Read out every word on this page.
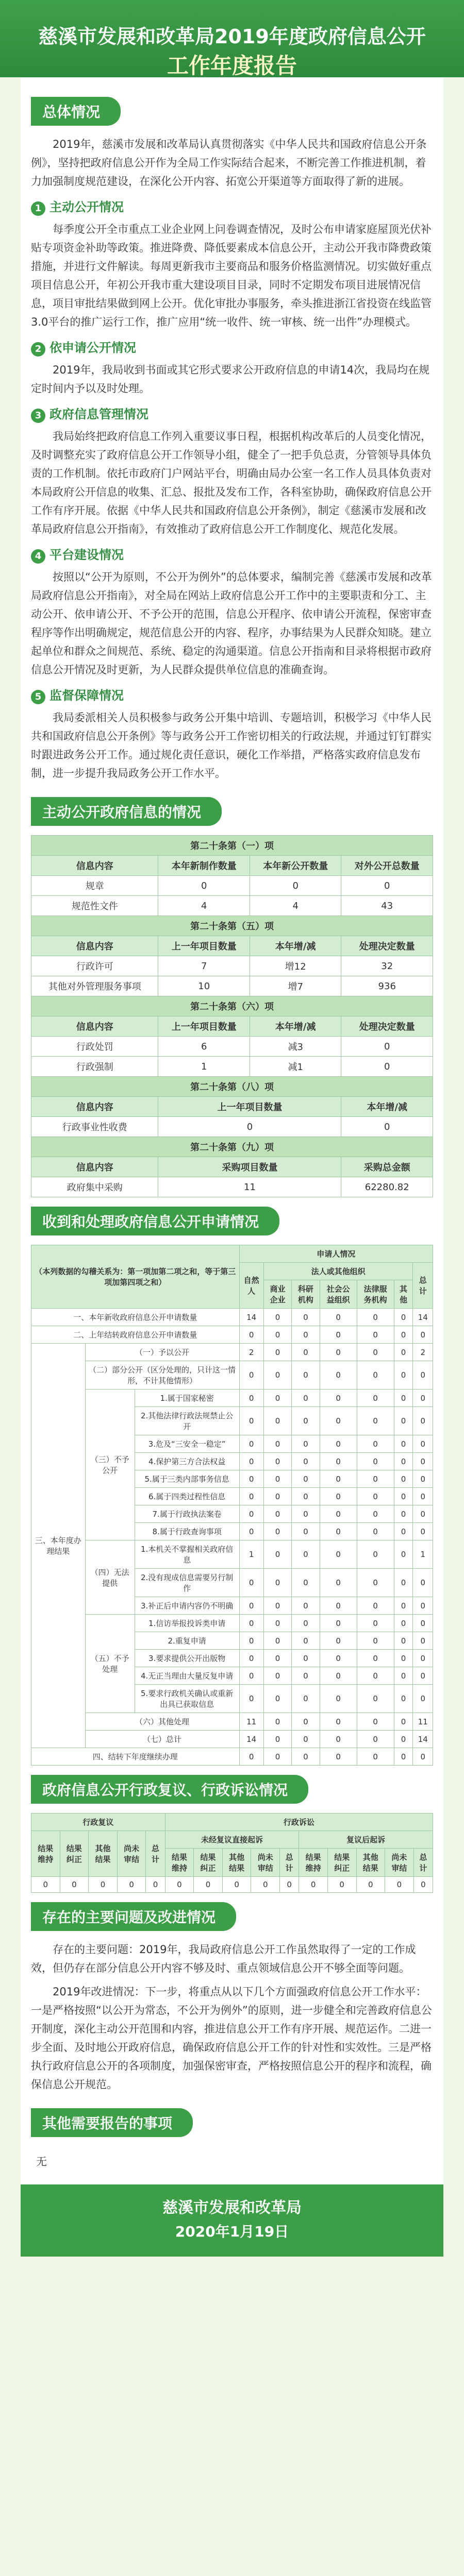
慈溪市发展和改革局2019年度政府信息公开
工作年度报告
总体情况

2019年，慈溪市发展和改革局认真贯彻落实《中华人民共和国政府信息公开条例》，坚持把政府信息公开作为全局工作实际结合起来，不断完善工作推进机制，着力加强制度规范建设，在深化公开内容、拓宽公开渠道等方面取得了新的进展。

1 主动公开情况

每季度公开全市重点工业企业网上问卷调查情况，及时公布申请家庭屋顶光伏补贴专项资金补助等政策。推进降费、降低要素成本信息公开，主动公开我市降费政策措施，并进行文件解读。每周更新我市主要商品和服务价格监测情况。切实做好重点项目信息公开，年初公开我市重大建设项目目录，同时不定期发布项目进展情况信息，项目审批结果做到网上公开。优化审批办事服务，牵头推进浙江省投资在线监管3.0平台的推广运行工作，推广应用“统一收件、统一审核、统一出件”办理模式。

2 依申请公开情况

2019年，我局收到书面或其它形式要求公开政府信息的申请14次，我局均在规定时间内予以及时处理。

3 政府信息管理情况

我局始终把政府信息工作列入重要议事日程，根据机构改革后的人员变化情况，及时调整充实了政府信息公开工作领导小组，健全了一把手负总责，分管领导具体负责的工作机制。依托市政府门户网站平台，明确由局办公室一名工作人员具体负责对本局政府公开信息的收集、汇总、报批及发布工作，各科室协助，确保政府信息公开工作有序开展。依据《中华人民共和国政府信息公开条例》，制定《慈溪市发展和改革局政府信息公开指南》，有效推动了政府信息公开工作制度化、规范化发展。

4 平台建设情况

按照以“公开为原则，不公开为例外”的总体要求，编制完善《慈溪市发展和改革局政府信息公开指南》，对全局在网站上政府信息公开工作中的主要职责和分工、主动公开、依申请公开、不予公开的范围，信息公开程序、依申请公开流程，保密审查程序等作出明确规定，规范信息公开的内容、程序，办事结果为人民群众知晓。建立起单位和群众之间规范、系统、稳定的沟通渠道。信息公开指南和目录将根据市政府信息公开情况及时更新，为人民群众提供单位信息的准确查询。

5 监督保障情况

我局委派相关人员积极参与政务公开集中培训、专题培训，积极学习《中华人民共和国政府信息公开条例》等与政务公开工作密切相关的行政法规，并通过钉钉群实时跟进政务公开工作。通过规化责任意识，硬化工作举措，严格落实政府信息发布制，进一步提升我局政务公开工作水平。

主动公开政府信息的情况
第二十条第（一）项			
信息内容	本年新制作数量	本年新公开数量	对外公开总数量
规章	0	0	0
规范性文件	4	4	43
第二十条第（五）项			
信息内容	上一年项目数量	本年增/减	处理决定数量
行政许可	7	增12	32
其他对外管理服务事项	10	增7	936
第二十条第（六）项			
信息内容	上一年项目数量	本年增/减	处理决定数量
行政处罚	6	减3	0
行政强制	1	减1	0
第二十条第（八）项			
信息内容	上一年项目数量		本年增/减
行政事业性收费	0		0
第二十条第（九）项			
信息内容	采购项目数量		采购总金额
政府集中采购	11		62280.82
收到和处理政府信息公开申请情况
（本列数据的勾稽关系为：第一项加第二项之和，等于第三项加第四项之和）			申请人情况						
			自然人	法人或其他组织					总计
				商业企业	科研机构	社会公益组织	法律服务机构	其他	
一、本年新收政府信息公开申请数量			14	0	0	0	0	0	14
二、上年结转政府信息公开申请数量			0	0	0	0	0	0	0
三、本年度办理结果	（一）予以公开		2	0	0	0	0	0	2
	（二）部分公开（区分处理的，只计这一情形，不计其他情形）		0	0	0	0	0	0	0
	（三）不予公开	1.属于国家秘密	0	0	0	0	0	0	0
		2.其他法律行政法规禁止公开	0	0	0	0	0	0	0
		3.危及“三安全一稳定”	0	0	0	0	0	0	0
		4.保护第三方合法权益	0	0	0	0	0	0	0
		5.属于三类内部事务信息	0	0	0	0	0	0	0
		6.属于四类过程性信息	0	0	0	0	0	0	0
		7.属于行政执法案卷	0	0	0	0	0	0	0
		8.属于行政查询事项	0	0	0	0	0	0	0
	（四）无法提供	1.本机关不掌握相关政府信息	1	0	0	0	0	0	1
		2.没有现成信息需要另行制作	0	0	0	0	0	0	0
		3.补正后申请内容仍不明确	0	0	0	0	0	0	0
	（五）不予处理	1.信访举报投诉类申请	0	0	0	0	0	0	0
		2.重复申请	0	0	0	0	0	0	0
		3.要求提供公开出版物	0	0	0	0	0	0	0
		4.无正当理由大量反复申请	0	0	0	0	0	0	0
		5.要求行政机关确认或重新出具已获取信息	0	0	0	0	0	0	0
	（六）其他处理		11	0	0	0	0	0	11
	（七）总计		14	0	0	0	0	0	14
四、结转下年度继续办理			0	0	0	0	0	0	0
政府信息公开行政复议、行政诉讼情况
行政复议					行政诉讼									
结果维持	结果纠正	其他结果	尚未审结	总计	未经复议直接起诉					复议后起诉				
					结果维持	结果纠正	其他结果	尚未审结	总计	结果维持	结果纠正	其他结果	尚未审结	总计
0	0	0	0	0	0	0	0	0	0	0	0	0	0	0
存在的主要问题及改进情况

存在的主要问题：2019年，我局政府信息公开工作虽然取得了一定的工作成效，但仍存在部分信息公开内容不够及时、重点领域信息公开不够全面等问题。

2019年改进情况：下一步，将重点从以下几个方面强政府信息公开工作水平：一是严格按照“以公开为常态，不公开为例外”的原则，进一步健全和完善政府信息公开制度，深化主动公开范围和内容，推进信息公开工作有序开展、规范运作。二进一步全面、及时地公开政府信息，确保政府信息公开工作的针对性和实效性。三是严格执行政府信息公开的各项制度，加强保密审查，严格按照信息公开的程序和流程，确保信息公开规范。

其他需要报告的事项
无
慈溪市发展和改革局
2020年1月19日
